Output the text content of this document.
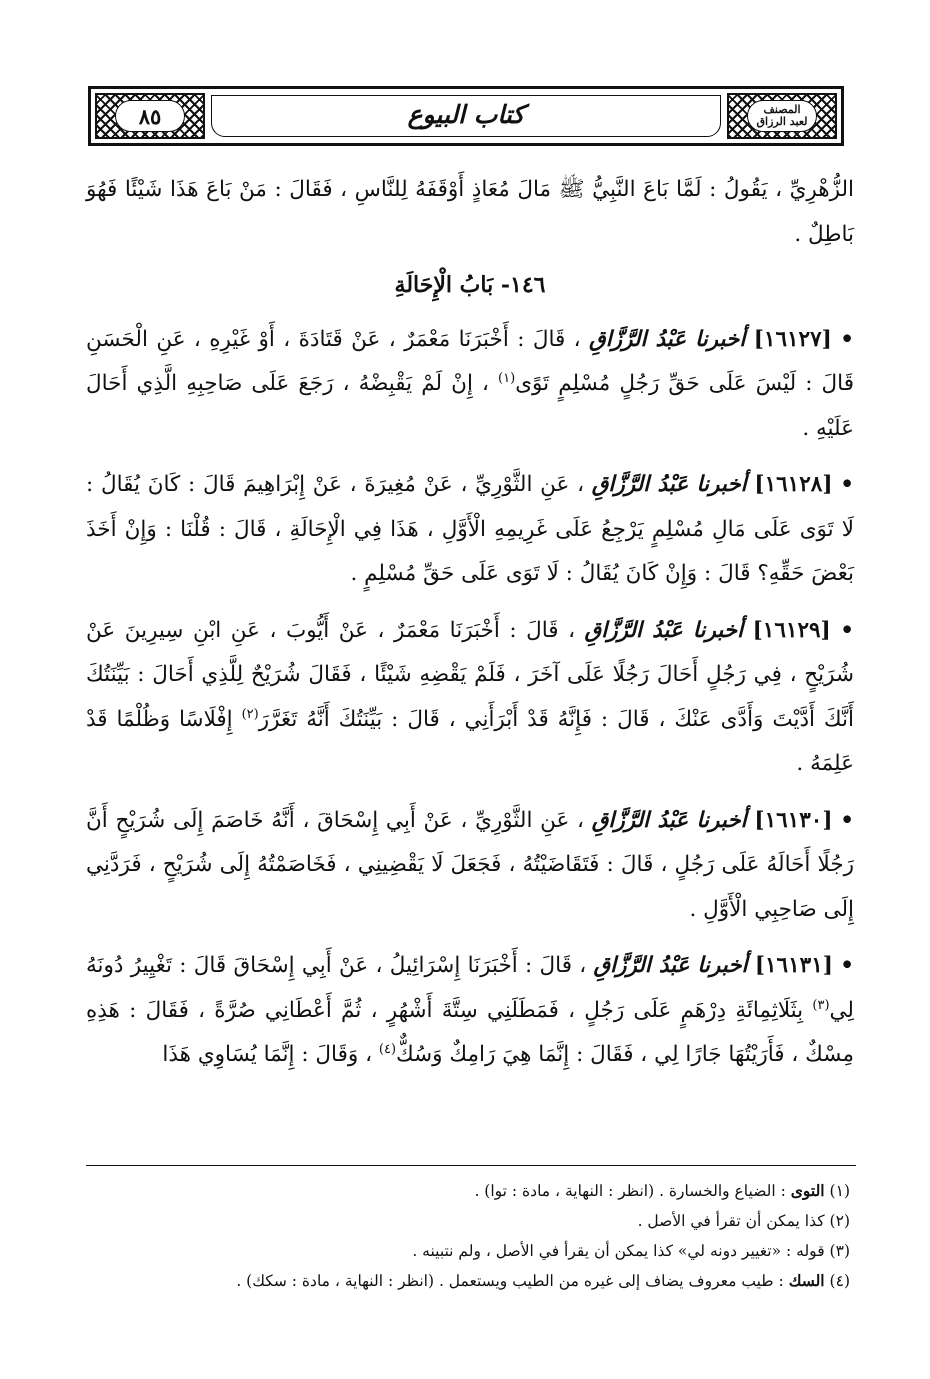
٨٥	كتاب البيوع	المصنف
لعبد الرزاق

الزُّهْرِيِّ ، يَقُولُ : لَمَّا بَاعَ النَّبِيُّ ﷺ مَالَ مُعَاذٍ أَوْقَفَهُ لِلنَّاسِ ، فَقَالَ : مَنْ بَاعَ هَذَا شَيْئًا فَهُوَ بَاطِلٌ .

١٤٦- بَابُ الْإِحَالَةِ

• [١٦١٢٧] أخبرنا عَبْدُ الرَّزَّاقِ ، قَالَ : أَخْبَرَنَا مَعْمَرٌ ، عَنْ قَتَادَةَ ، أَوْ غَيْرِهِ ، عَنِ الْحَسَنِ قَالَ : لَيْسَ عَلَى حَقِّ رَجُلٍ مُسْلِمٍ تَوًى$^{(١)}$ ، إِنْ لَمْ يَقْبِضْهُ ، رَجَعَ عَلَى صَاحِبِهِ الَّذِي أَحَالَ عَلَيْهِ .

• [١٦١٢٨] أخبرنا عَبْدُ الرَّزَّاقِ ، عَنِ الثَّوْرِيِّ ، عَنْ مُغِيرَةَ ، عَنْ إِبْرَاهِيمَ قَالَ : كَانَ يُقَالُ : لَا تَوَى عَلَى مَالِ مُسْلِمٍ يَرْجِعُ عَلَى غَرِيمِهِ الْأَوَّلِ ، هَذَا فِي الْإِحَالَةِ ، قَالَ : قُلْنَا : وَإِنْ أَخَذَ بَعْضَ حَقِّهِ؟ قَالَ : وَإِنْ كَانَ يُقَالُ : لَا تَوَى عَلَى حَقِّ مُسْلِمٍ .

• [١٦١٢٩] أخبرنا عَبْدُ الرَّزَّاقِ ، قَالَ : أَخْبَرَنَا مَعْمَرٌ ، عَنْ أَيُّوبَ ، عَنِ ابْنِ سِيرِينَ عَنْ شُرَيْحٍ ، فِي رَجُلٍ أَحَالَ رَجُلًا عَلَى آخَرَ ، فَلَمْ يَقْضِهِ شَيْئًا ، فَقَالَ شُرَيْحٌ لِلَّذِي أَحَالَ : بَيِّنَتُكَ أَنَّكَ أَدَّيْتَ وَأَدَّى عَنْكَ ، قَالَ : فَإِنَّهُ قَدْ أَبْرَأَنِي ، قَالَ : بَيِّنَتُكَ أَنَّهُ تَغَرَّرَ$^{(٢)}$ إِفْلَاسًا وَظُلْمًا قَدْ عَلِمَهُ .

• [١٦١٣٠] أخبرنا عَبْدُ الرَّزَّاقِ ، عَنِ الثَّوْرِيِّ ، عَنْ أَبِي إِسْحَاقَ ، أَنَّهُ خَاصَمَ إِلَى شُرَيْحٍ أَنَّ رَجُلًا أَحَالَهُ عَلَى رَجُلٍ ، قَالَ : فَتَقَاضَيْتُهُ ، فَجَعَلَ لَا يَقْضِينِي ، فَخَاصَمْتُهُ إِلَى شُرَيْحٍ ، فَرَدَّنِي إِلَى صَاحِبِي الْأَوَّلِ .

• [١٦١٣١] أخبرنا عَبْدُ الرَّزَّاقِ ، قَالَ : أَخْبَرَنَا إِسْرَائِيلُ ، عَنْ أَبِي إِسْحَاقَ قَالَ : تَغْيِيرُ دُونَهُ لِي$^{(٣)}$ بِثَلَاثِمِائَةِ دِرْهَمٍ عَلَى رَجُلٍ ، فَمَطَلَنِي سِتَّةَ أَشْهُرٍ ، ثُمَّ أَعْطَانِي صُرَّةً ، فَقَالَ : هَذِهِ مِسْكٌ ، فَأَرَيْتُهَا جَارًا لِي ، فَقَالَ : إِنَّمَا هِيَ رَامِكٌ وَسُكٌّ$^{(٤)}$ ، وَقَالَ : إِنَّمَا يُسَاوِي هَذَا

(١) التوى : الضياع والخسارة . (انظر : النهاية ، مادة : توا) .

(٢) كذا يمكن أن تقرأ في الأصل .

(٣) قوله : «تغيير دونه لي» كذا يمكن أن يقرأ في الأصل ، ولم نتبينه .

(٤) السك : طيب معروف يضاف إلى غيره من الطيب ويستعمل . (انظر : النهاية ، مادة : سكك) .
